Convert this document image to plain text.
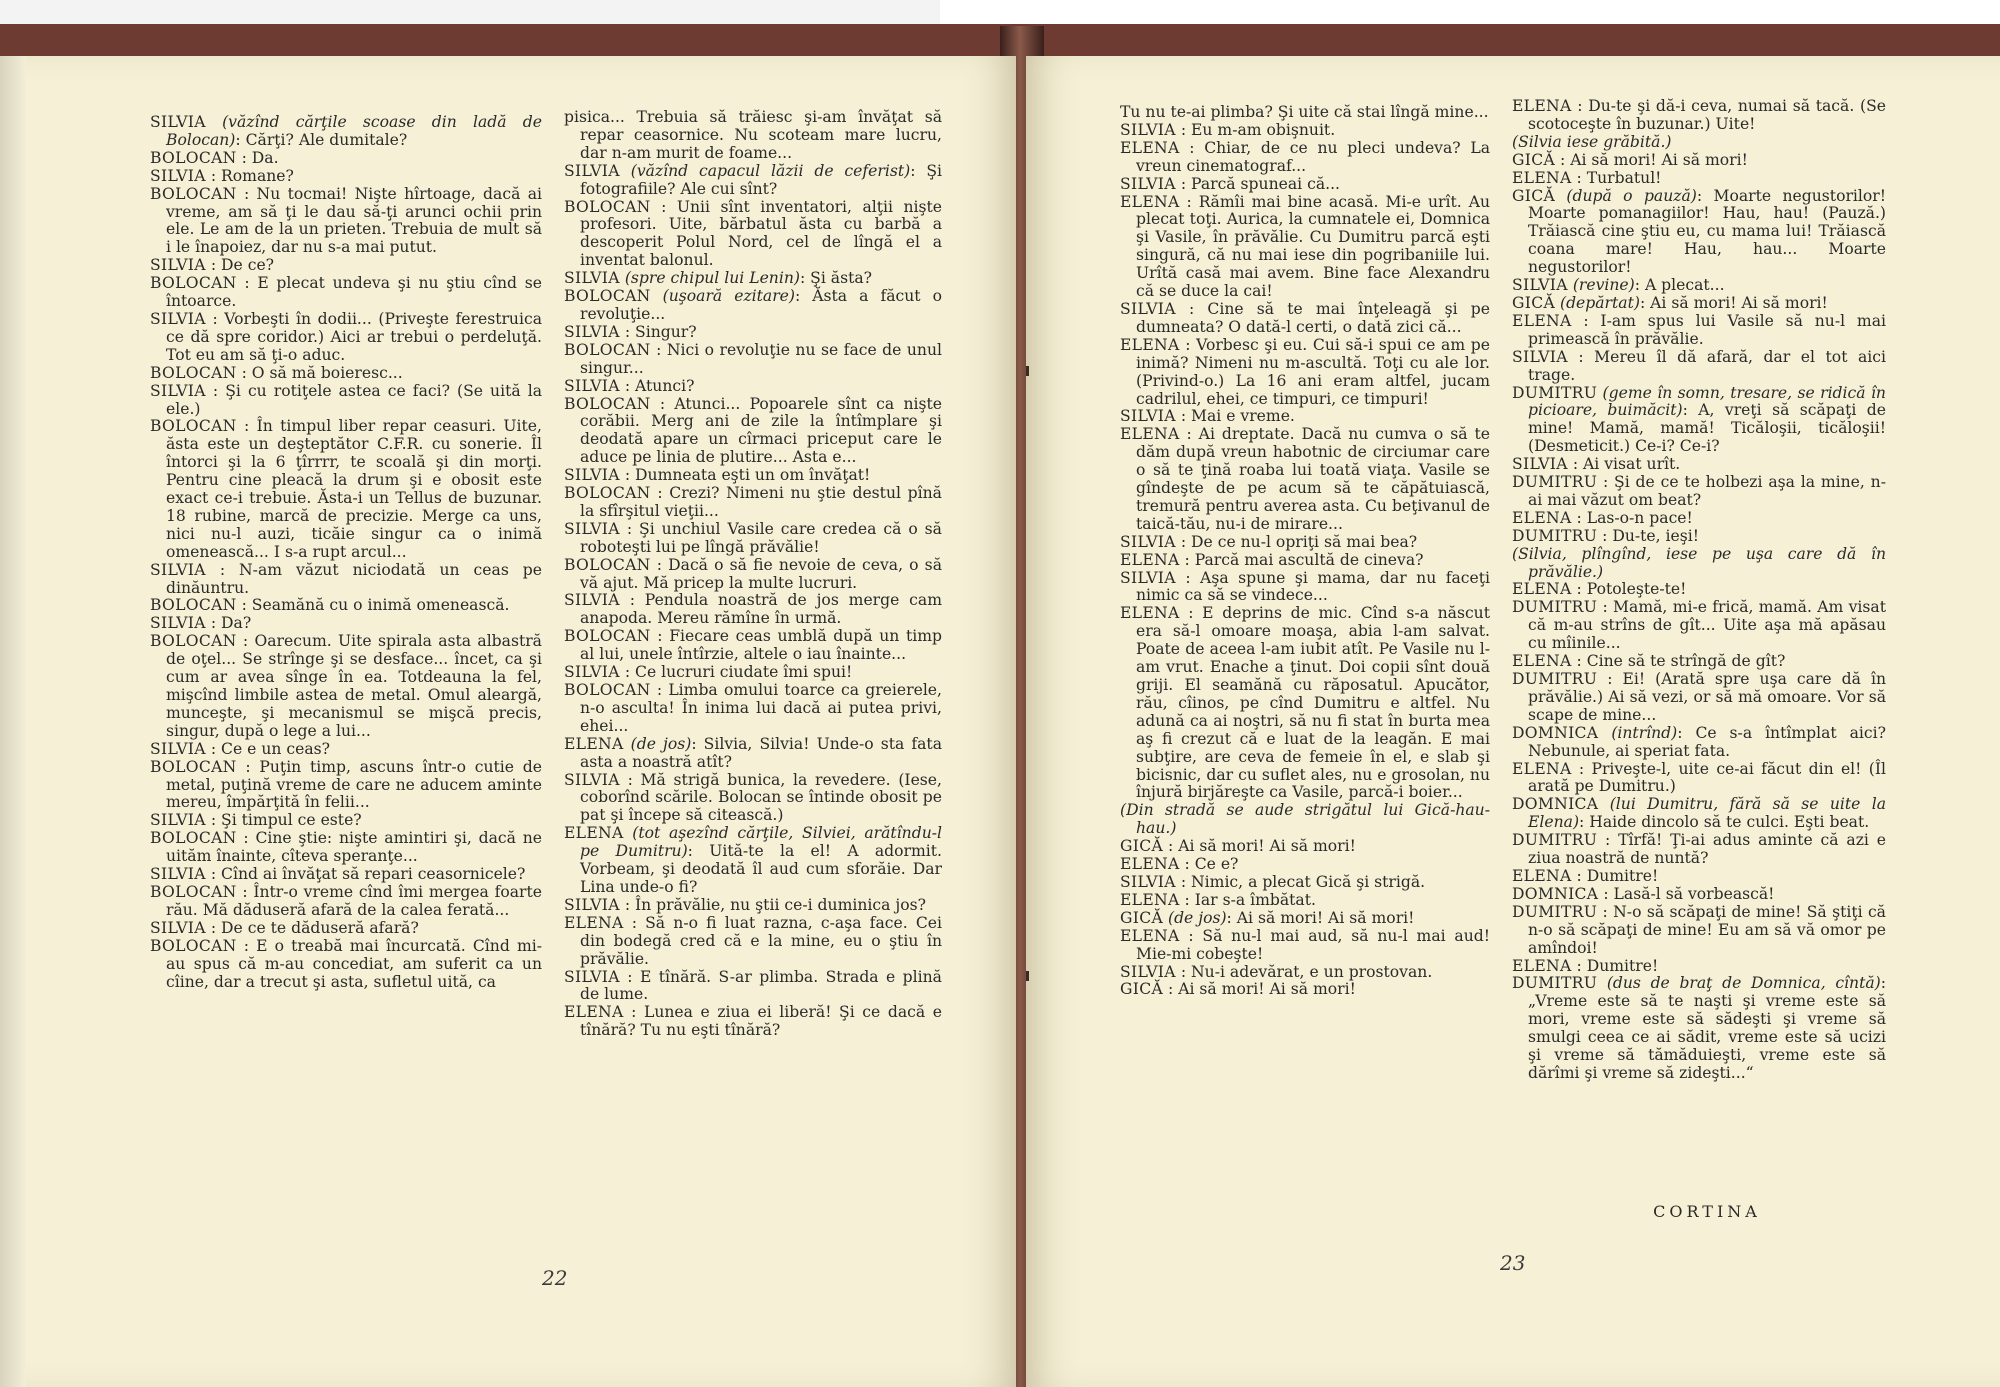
SILVIA (văzînd cărţile scoase din ladă de Bolocan): Cărţi? Ale dumitale?
BOLOCAN : Da.
SILVIA : Romane?
BOLOCAN : Nu tocmai! Nişte hîrtoage, dacă ai vreme, am să ţi le dau să-ţi arunci ochii prin ele. Le am de la un prieten. Trebuia de mult să i le înapoiez, dar nu s-a mai putut.
SILVIA : De ce?
BOLOCAN : E plecat undeva şi nu ştiu cînd se întoarce.
SILVIA : Vorbeşti în dodii... (Priveşte ferestruica ce dă spre coridor.) Aici ar trebui o perdeluţă. Tot eu am să ţi-o aduc.
BOLOCAN : O să mă boieresc...
SILVIA : Şi cu rotiţele astea ce faci? (Se uită la ele.)
BOLOCAN : În timpul liber repar ceasuri. Uite, ăsta este un deşteptător C.F.R. cu sonerie. Îl întorci şi la 6 ţîrrrr, te scoală şi din morţi. Pentru cine pleacă la drum şi e obosit este exact ce-i trebuie. Ăsta-i un Tellus de buzunar. 18 rubine, marcă de precizie. Merge ca uns, nici nu-l auzi, ticăie singur ca o inimă omenească... I s-a rupt arcul...
SILVIA : N-am văzut niciodată un ceas pe dinăuntru.
BOLOCAN : Seamănă cu o inimă omenească.
SILVIA : Da?
BOLOCAN : Oarecum. Uite spirala asta albastră de oţel... Se strînge şi se desface... încet, ca şi cum ar avea sînge în ea. Totdeauna la fel, mişcînd limbile astea de metal. Omul aleargă, munceşte, şi mecanismul se mişcă precis, singur, după o lege a lui...
SILVIA : Ce e un ceas?
BOLOCAN : Puţin timp, ascuns într-o cutie de metal, puţină vreme de care ne aducem aminte mereu, împărţită în felii...
SILVIA : Şi timpul ce este?
BOLOCAN : Cine ştie: nişte amintiri şi, dacă ne uităm înainte, cîteva speranţe...
SILVIA : Cînd ai învăţat să repari ceasornicele?
BOLOCAN : Într-o vreme cînd îmi mergea foarte rău. Mă dăduseră afară de la calea ferată...
SILVIA : De ce te dăduseră afară?
BOLOCAN : E o treabă mai încurcată. Cînd mi-au spus că m-au concediat, am suferit ca un cîine, dar a trecut şi asta, sufletul uită, ca
pisica... Trebuia să trăiesc şi-am învăţat să repar ceasornice. Nu scoteam mare lucru, dar n-am murit de foame...
SILVIA (văzînd capacul lăzii de ceferist): Şi fotografiile? Ale cui sînt?
BOLOCAN : Unii sînt inventatori, alţii nişte profesori. Uite, bărbatul ăsta cu barbă a descoperit Polul Nord, cel de lîngă el a inventat balonul.
SILVIA (spre chipul lui Lenin): Şi ăsta?
BOLOCAN (uşoară ezitare): Ăsta a făcut o revoluţie...
SILVIA : Singur?
BOLOCAN : Nici o revoluţie nu se face de unul singur...
SILVIA : Atunci?
BOLOCAN : Atunci... Popoarele sînt ca nişte corăbii. Merg ani de zile la întîmplare şi deodată apare un cîrmaci priceput care le aduce pe linia de plutire... Asta e...
SILVIA : Dumneata eşti un om învăţat!
BOLOCAN : Crezi? Nimeni nu ştie destul pînă la sfîrşitul vieţii...
SILVIA : Şi unchiul Vasile care credea că o să roboteşti lui pe lîngă prăvălie!
BOLOCAN : Dacă o să fie nevoie de ceva, o să vă ajut. Mă pricep la multe lucruri.
SILVIA : Pendula noastră de jos merge cam anapoda. Mereu rămîne în urmă.
BOLOCAN : Fiecare ceas umblă după un timp al lui, unele întîrzie, altele o iau înainte...
SILVIA : Ce lucruri ciudate îmi spui!
BOLOCAN : Limba omului toarce ca greierele, n-o asculta! În inima lui dacă ai putea privi, ehei...
ELENA (de jos): Silvia, Silvia! Unde-o sta fata asta a noastră atît?
SILVIA : Mă strigă bunica, la revedere. (Iese, coborînd scările. Bolocan se întinde obosit pe pat şi începe să citească.)
ELENA (tot aşezînd cărţile, Silviei, arătîndu-l pe Dumitru): Uită-te la el! A adormit. Vorbeam, şi deodată îl aud cum sforăie. Dar Lina unde-o fi?
SILVIA : În prăvălie, nu ştii ce-i duminica jos?
ELENA : Să n-o fi luat razna, c-aşa face. Cei din bodegă cred că e la mine, eu o ştiu în prăvălie.
SILVIA : E tînără. S-ar plimba. Strada e plină de lume.
ELENA : Lunea e ziua ei liberă! Şi ce dacă e tînără? Tu nu eşti tînără?
22
Tu nu te-ai plimba? Şi uite că stai lîngă mine...
SILVIA : Eu m-am obişnuit.
ELENA : Chiar, de ce nu pleci undeva? La vreun cinematograf...
SILVIA : Parcă spuneai că...
ELENA : Rămîi mai bine acasă. Mi-e urît. Au plecat toţi. Aurica, la cumnatele ei, Domnica şi Vasile, în prăvălie. Cu Dumitru parcă eşti singură, că nu mai iese din pogribaniile lui. Urîtă casă mai avem. Bine face Alexandru că se duce la cai!
SILVIA : Cine să te mai înţeleagă şi pe dumneata? O dată-l certi, o dată zici că...
ELENA : Vorbesc şi eu. Cui să-i spui ce am pe inimă? Nimeni nu m-ascultă. Toţi cu ale lor. (Privind-o.) La 16 ani eram altfel, jucam cadrilul, ehei, ce timpuri, ce timpuri!
SILVIA : Mai e vreme.
ELENA : Ai dreptate. Dacă nu cumva o să te dăm după vreun habotnic de circiumar care o să te ţină roaba lui toată viaţa. Vasile se gîndeşte de pe acum să te căpătuiască, tremură pentru averea asta. Cu beţivanul de taică-tău, nu-i de mirare...
SILVIA : De ce nu-l opriţi să mai bea?
ELENA : Parcă mai ascultă de cineva?
SILVIA : Aşa spune şi mama, dar nu faceţi nimic ca să se vindece...
ELENA : E deprins de mic. Cînd s-a născut era să-l omoare moaşa, abia l-am salvat. Poate de aceea l-am iubit atît. Pe Vasile nu l-am vrut. Enache a ţinut. Doi copii sînt două griji. El seamănă cu răposatul. Apucător, rău, cîinos, pe cînd Dumitru e altfel. Nu adună ca ai noştri, să nu fi stat în burta mea aş fi crezut că e luat de la leagăn. E mai subţire, are ceva de femeie în el, e slab şi bicisnic, dar cu suflet ales, nu e grosolan, nu înjură birjăreşte ca Vasile, parcă-i boier...
(Din stradă se aude strigătul lui Gică-hau-hau.)
GICĂ : Ai să mori! Ai să mori!
ELENA : Ce e?
SILVIA : Nimic, a plecat Gică şi strigă.
ELENA : Iar s-a îmbătat.
GICĂ (de jos): Ai să mori! Ai să mori!
ELENA : Să nu-l mai aud, să nu-l mai aud! Mie-mi cobeşte!
SILVIA : Nu-i adevărat, e un prostovan.
GICĂ : Ai să mori! Ai să mori!
ELENA : Du-te şi dă-i ceva, numai să tacă. (Se scotoceşte în buzunar.) Uite!
(Silvia iese grăbită.)
GICĂ : Ai să mori! Ai să mori!
ELENA : Turbatul!
GICĂ (după o pauză): Moarte negustorilor! Moarte pomanagiilor! Hau, hau! (Pauză.) Trăiască cine ştiu eu, cu mama lui! Trăiască coana mare! Hau, hau... Moarte negustorilor!
SILVIA (revine): A plecat...
GICĂ (depărtat): Ai să mori! Ai să mori!
ELENA : I-am spus lui Vasile să nu-l mai primească în prăvălie.
SILVIA : Mereu îl dă afară, dar el tot aici trage.
DUMITRU (geme în somn, tresare, se ridică în picioare, buimăcit): A, vreţi să scăpaţi de mine! Mamă, mamă! Ticăloşii, ticăloşii! (Desmeticit.) Ce-i? Ce-i?
SILVIA : Ai visat urît.
DUMITRU : Şi de ce te holbezi aşa la mine, n-ai mai văzut om beat?
ELENA : Las-o-n pace!
DUMITRU : Du-te, ieşi!
(Silvia, plîngînd, iese pe uşa care dă în prăvălie.)
ELENA : Potoleşte-te!
DUMITRU : Mamă, mi-e frică, mamă. Am visat că m-au strîns de gît... Uite aşa mă apăsau cu mîinile...
ELENA : Cine să te strîngă de gît?
DUMITRU : Ei! (Arată spre uşa care dă în prăvălie.) Ai să vezi, or să mă omoare. Vor să scape de mine...
DOMNICA (intrînd): Ce s-a întîmplat aici? Nebunule, ai speriat fata.
ELENA : Priveşte-l, uite ce-ai făcut din el! (Îl arată pe Dumitru.)
DOMNICA (lui Dumitru, fără să se uite la Elena): Haide dincolo să te culci. Eşti beat.
DUMITRU : Tîrfă! Ţi-ai adus aminte că azi e ziua noastră de nuntă?
ELENA : Dumitre!
DOMNICA : Lasă-l să vorbească!
DUMITRU : N-o să scăpaţi de mine! Să ştiţi că n-o să scăpaţi de mine! Eu am să vă omor pe amîndoi!
ELENA : Dumitre!
DUMITRU (dus de braţ de Domnica, cîntă): „Vreme este să te naşti şi vreme este să mori, vreme este să sădeşti şi vreme să smulgi ceea ce ai sădit, vreme este să ucizi şi vreme să tămăduieşti, vreme este să dărîmi şi vreme să zideşti...“
CORTINA
23
